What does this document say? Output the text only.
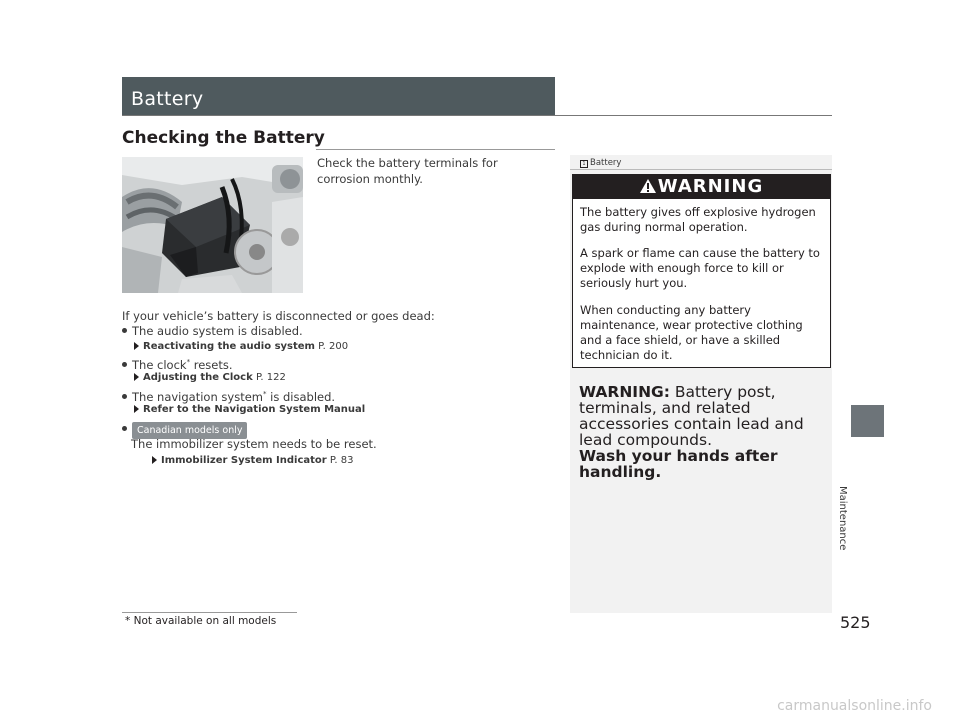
Battery
Checking the Battery
Check the battery terminals for corrosion monthly.
If your vehicle’s battery is disconnected or goes dead:
The audio system is disabled.
Reactivating the audio system P. 200
The clock* resets.
Adjusting the Clock P. 122
The navigation system* is disabled.
Refer to the Navigation System Manual
Canadian models only
The immobilizer system needs to be reset.
Immobilizer System Indicator P. 83
1 Battery
WARNING
The battery gives off explosive hydrogen gas during normal operation.
A spark or flame can cause the battery to explode with enough force to kill or seriously hurt you.
When conducting any battery maintenance, wear protective clothing and a face shield, or have a skilled technician do it.
WARNING: Battery post, terminals, and related accessories contain lead and lead compounds.
Wash your hands after handling.
Maintenance
* Not available on all models	525
carmanualsonline.info
